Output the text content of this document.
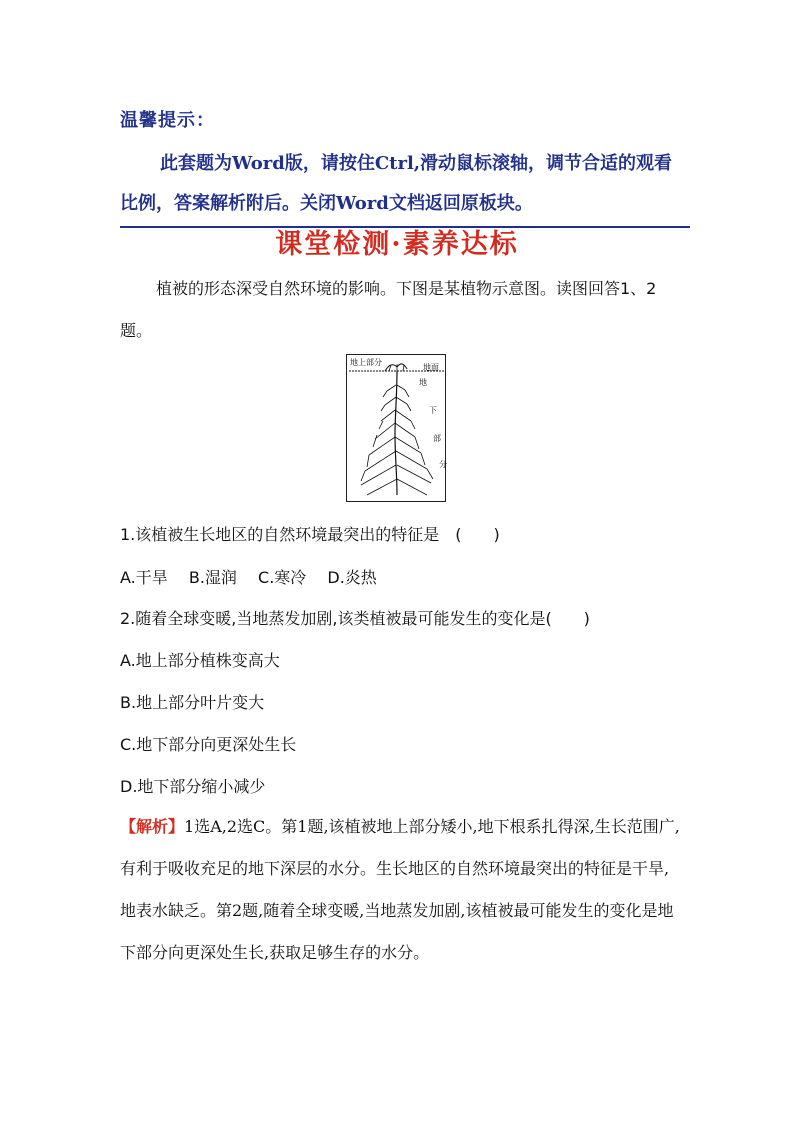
温馨提示：

此套题为Word版，请按住Ctrl,滑动鼠标滚轴，调节合适的观看比例，答案解析附后。关闭Word文档返回原板块。

课堂检测·素养达标

植被的形态深受自然环境的影响。下图是某植物示意图。读图回答1、2题。

地上部分
地面
地
下
部
分

1.该植被生长地区的自然环境最突出的特征是　(　　)

A.干旱 B.湿润 C.寒冷 D.炎热

2.随着全球变暖,当地蒸发加剧,该类植被最可能发生的变化是(　　)

A.地上部分植株变高大

B.地上部分叶片变大

C.地下部分向更深处生长

D.地下部分缩小减少

【解析】1选A,2选C。第1题,该植被地上部分矮小,地下根系扎得深,生长范围广,有利于吸收充足的地下深层的水分。生长地区的自然环境最突出的特征是干旱,地表水缺乏。第2题,随着全球变暖,当地蒸发加剧,该植被最可能发生的变化是地下部分向更深处生长,获取足够生存的水分。
